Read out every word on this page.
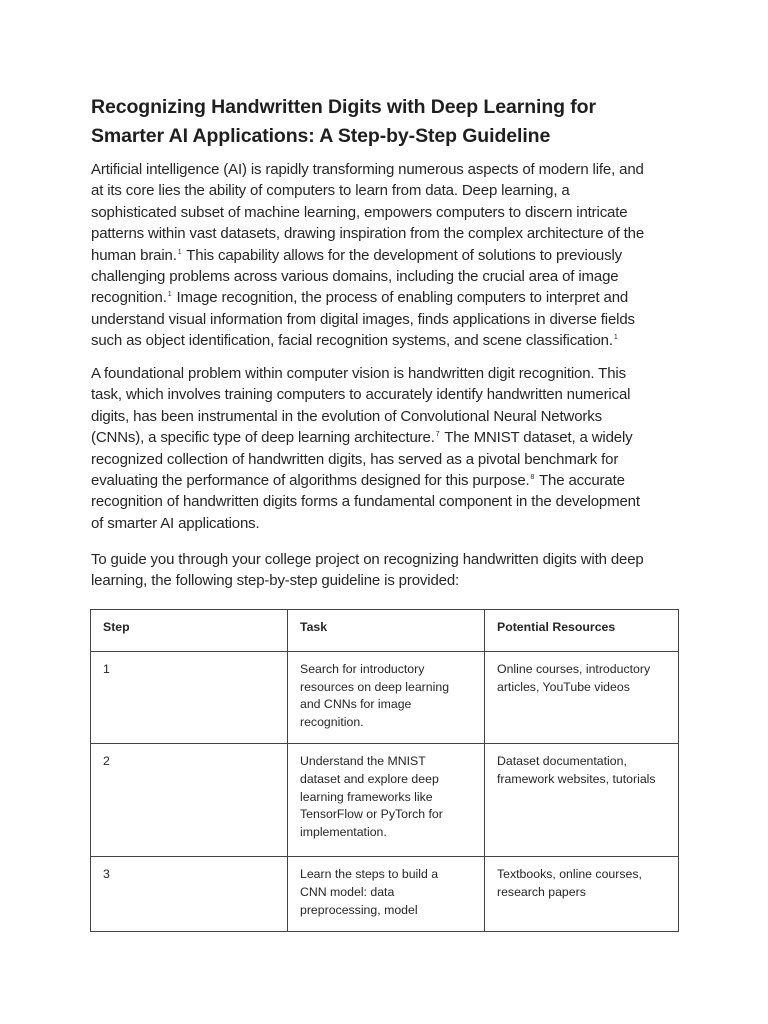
Recognizing Handwritten Digits with Deep Learning for
Smarter AI Applications: A Step-by-Step Guideline
Artificial intelligence (AI) is rapidly transforming numerous aspects of modern life, and
at its core lies the ability of computers to learn from data. Deep learning, a
sophisticated subset of machine learning, empowers computers to discern intricate
patterns within vast datasets, drawing inspiration from the complex architecture of the
human brain.$^1$ This capability allows for the development of solutions to previously
challenging problems across various domains, including the crucial area of image
recognition.$^1$ Image recognition, the process of enabling computers to interpret and
understand visual information from digital images, finds applications in diverse fields
such as object identification, facial recognition systems, and scene classification.$^1$
A foundational problem within computer vision is handwritten digit recognition. This
task, which involves training computers to accurately identify handwritten numerical
digits, has been instrumental in the evolution of Convolutional Neural Networks
(CNNs), a specific type of deep learning architecture.$^7$ The MNIST dataset, a widely
recognized collection of handwritten digits, has served as a pivotal benchmark for
evaluating the performance of algorithms designed for this purpose.$^8$ The accurate
recognition of handwritten digits forms a fundamental component in the development
of smarter AI applications.
To guide you through your college project on recognizing handwritten digits with deep
learning, the following step-by-step guideline is provided:
Step	Task	Potential Resources
1	Search for introductory
resources on deep learning
and CNNs for image
recognition.	Online courses, introductory
articles, YouTube videos

2	Understand the MNIST
dataset and explore deep
learning frameworks like
TensorFlow or PyTorch for
implementation.	Dataset documentation,
framework websites, tutorials

3	Learn the steps to build a
CNN model: data
preprocessing, model	Textbooks, online courses,
research papers
